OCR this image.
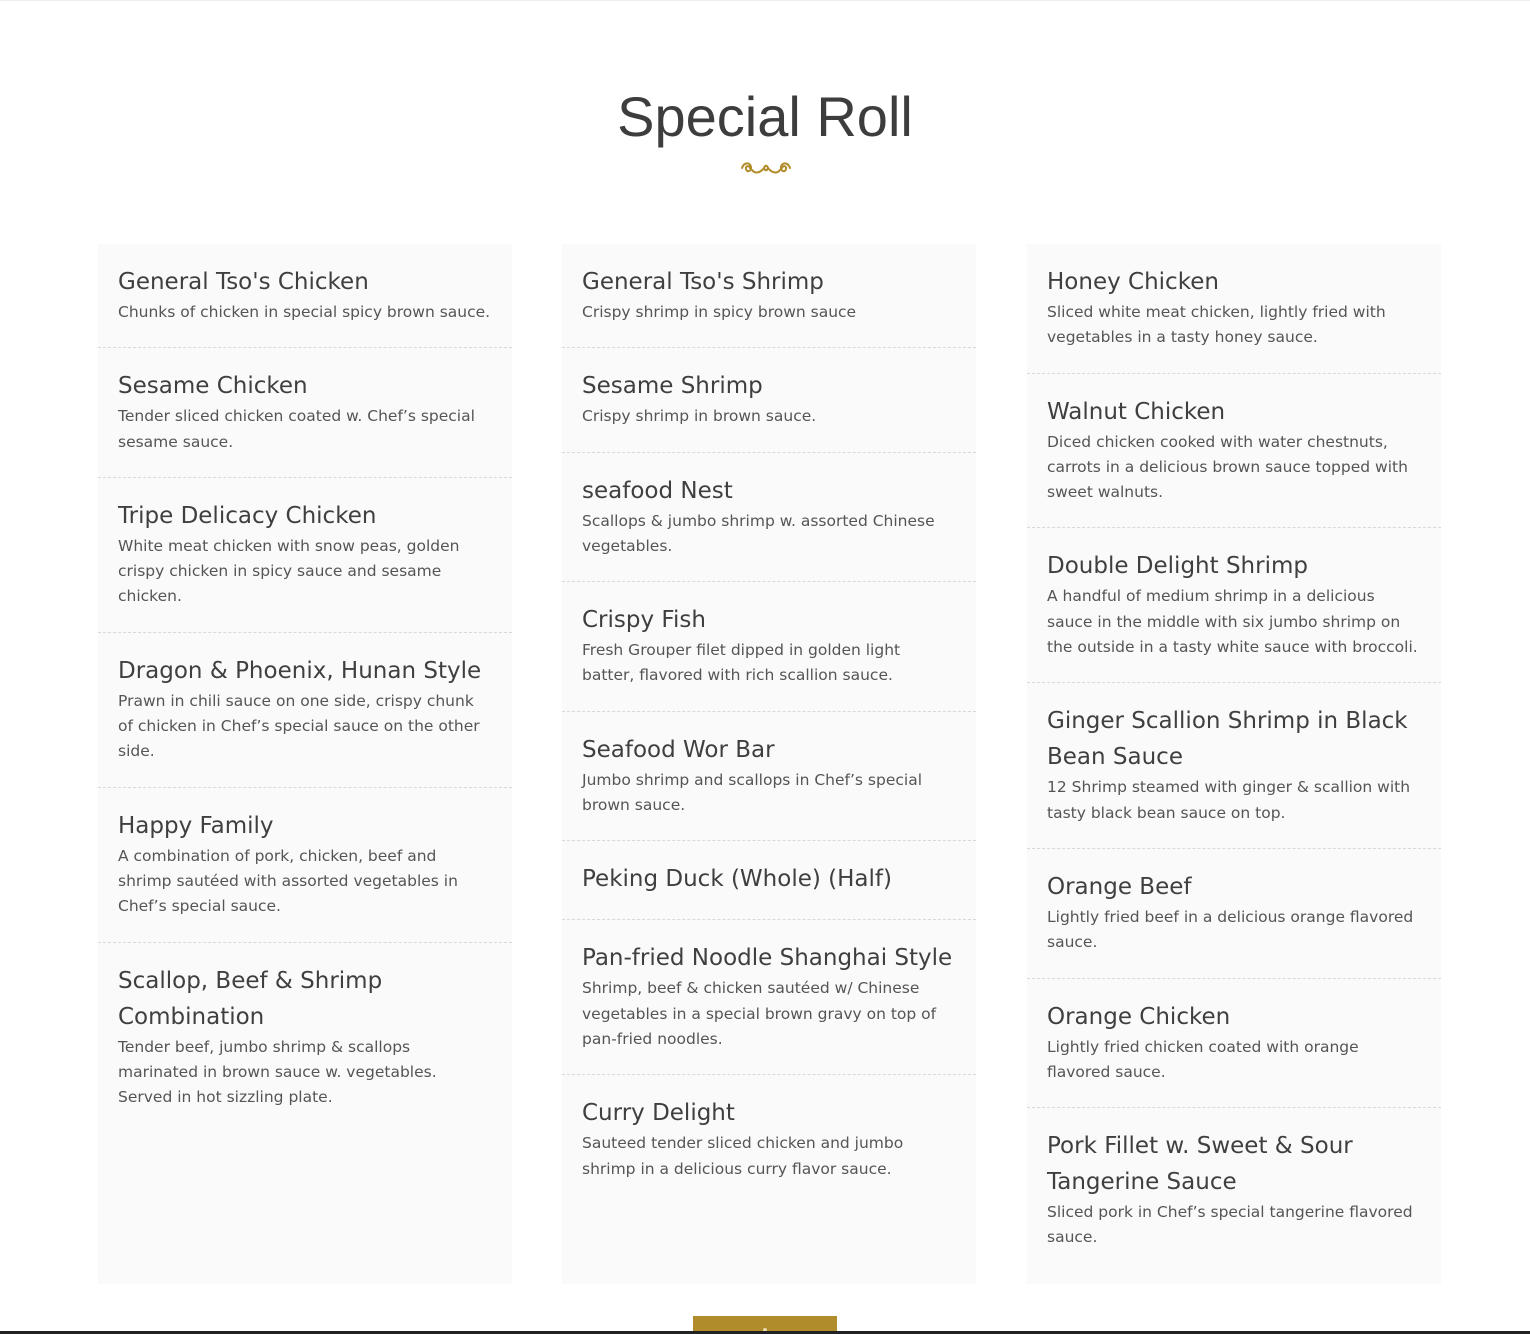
Special Roll
General Tso's Chicken

Chunks of chicken in special spicy brown sauce.

Sesame Chicken

Tender sliced chicken coated w. Chef’s special sesame sauce.

Tripe Delicacy Chicken

White meat chicken with snow peas, golden crispy chicken in spicy sauce and sesame chicken.

Dragon & Phoenix, Hunan Style

Prawn in chili sauce on one side, crispy chunk of chicken in Chef’s special sauce on the other side.

Happy Family

A combination of pork, chicken, beef and shrimp sautéed with assorted vegetables in Chef’s special sauce.

Scallop, Beef & Shrimp Combination

Tender beef, jumbo shrimp & scallops marinated in brown sauce w. vegetables. Served in hot sizzling plate.

General Tso's Shrimp

Crispy shrimp in spicy brown sauce

Sesame Shrimp

Crispy shrimp in brown sauce.

seafood Nest

Scallops & jumbo shrimp w. assorted Chinese vegetables.

Crispy Fish

Fresh Grouper filet dipped in golden light batter, flavored with rich scallion sauce.

Seafood Wor Bar

Jumbo shrimp and scallops in Chef’s special brown sauce.

Peking Duck (Whole) (Half)
Pan-fried Noodle Shanghai Style

Shrimp, beef & chicken sautéed w/ Chinese vegetables in a special brown gravy on top of pan-fried noodles.

Curry Delight

Sauteed tender sliced chicken and jumbo shrimp in a delicious curry flavor sauce.

Honey Chicken

Sliced white meat chicken, lightly fried with vegetables in a tasty honey sauce.

Walnut Chicken

Diced chicken cooked with water chestnuts, carrots in a delicious brown sauce topped with sweet walnuts.

Double Delight Shrimp

A handful of medium shrimp in a delicious sauce in the middle with six jumbo shrimp on the outside in a tasty white sauce with broccoli.

Ginger Scallion Shrimp in Black Bean Sauce

12 Shrimp steamed with ginger & scallion with tasty black bean sauce on top.

Orange Beef

Lightly fried beef in a delicious orange flavored sauce.

Orange Chicken

Lightly fried chicken coated with orange flavored sauce.

Pork Fillet w. Sweet & Sour Tangerine Sauce

Sliced pork in Chef’s special tangerine flavored sauce.
